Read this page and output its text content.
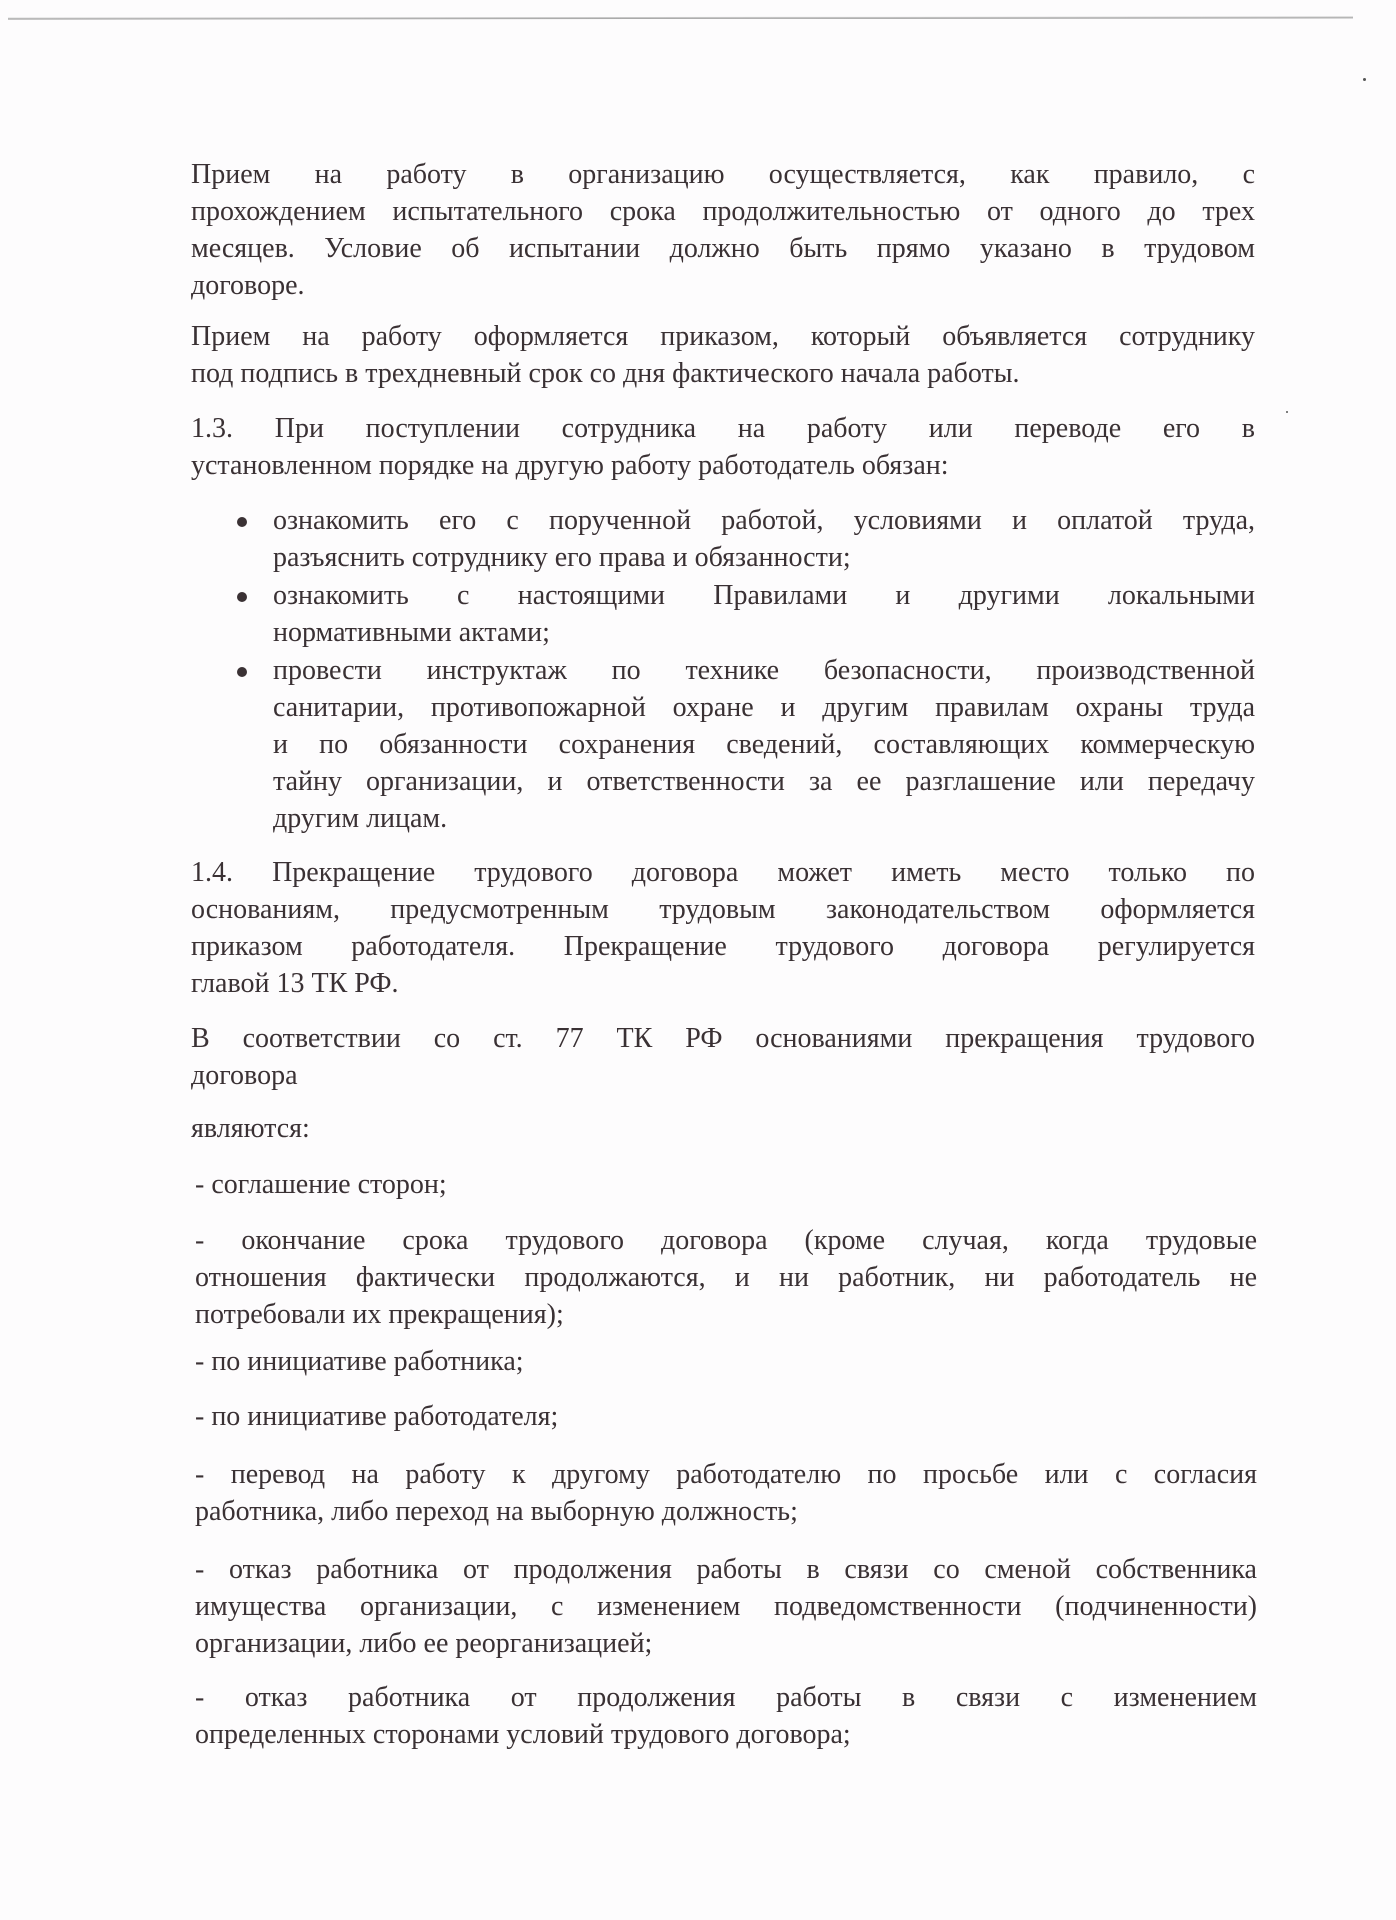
Прием на работу в организацию осуществляется, как правило, с
прохождением испытательного срока продолжительностью от одного до трех
месяцев. Условие об испытании должно быть прямо указано в трудовом
договоре.
Прием на работу оформляется приказом, который объявляется сотруднику
под подпись в трехдневный срок со дня фактического начала работы.
1.3. При поступлении сотрудника на работу или переводе его в
установленном порядке на другую работу работодатель обязан:
ознакомить его с порученной работой, условиями и оплатой труда,
разъяснить сотруднику его права и обязанности;
ознакомить с настоящими Правилами и другими локальными
нормативными актами;
провести инструктаж по технике безопасности, производственной
санитарии, противопожарной охране и другим правилам охраны труда
и по обязанности сохранения сведений, составляющих коммерческую
тайну организации, и ответственности за ее разглашение или передачу
другим лицам.
1.4. Прекращение трудового договора может иметь место только по
основаниям, предусмотренным трудовым законодательством оформляется
приказом работодателя. Прекращение трудового договора регулируется
главой 13 ТК РФ.
В соответствии со ст. 77 ТК РФ основаниями прекращения трудового
договора
являются:
- соглашение сторон;
- окончание срока трудового договора (кроме случая, когда трудовые
отношения фактически продолжаются, и ни работник, ни работодатель не
потребовали их прекращения);
- по инициативе работника;
- по инициативе работодателя;
- перевод на работу к другому работодателю по просьбе или с согласия
работника, либо переход на выборную должность;
- отказ работника от продолжения работы в связи со сменой собственника
имущества организации, с изменением подведомственности (подчиненности)
организации, либо ее реорганизацией;
- отказ работника от продолжения работы в связи с изменением
определенных сторонами условий трудового договора;
